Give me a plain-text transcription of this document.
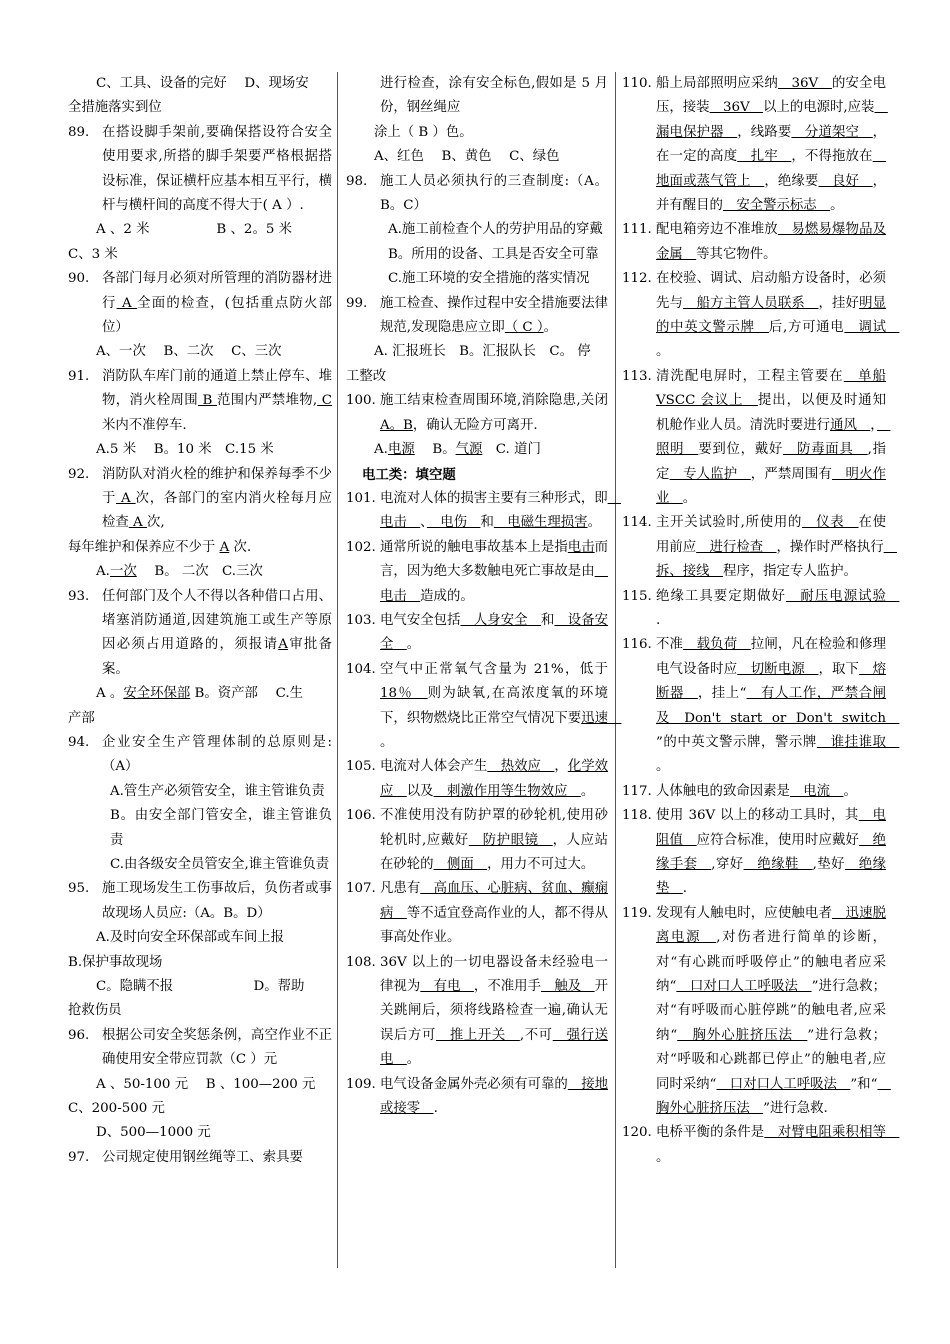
C、工具、设备的完好　 D、现场安
全措施落实到位
89. 在搭设脚手架前,要确保搭设符合安全使用要求,所搭的脚手架要严格根据搭设标准，保证横杆应基本相互平行，横杆与横杆间的高度不得大于( A ）.
A 、2 米　　　　　B 、2。5 米
C、3 米
90. 各部门每月必须对所管理的消防器材进行 A 全面的检查，(包括重点防火部位）
A、一次　 B、二次　 C、三次
91. 消防队车库门前的通道上禁止停车、堆物，消火栓周围 B 范围内严禁堆物, C 米内不准停车.
A.5 米　 B。10 米　C.15 米
92. 消防队对消火栓的维护和保养每季不少于 A 次，各部门的室内消火栓每月应检查 A 次,
每年维护和保养应不少于 A 次.
A.一次　 B。 二次　C.三次
93. 任何部门及个人不得以各种借口占用、堵塞消防通道,因建筑施工或生产等原因必须占用道路的，须报请A审批备案。
A 。安全环保部 B。资产部　 C.生
产部
94. 企业安全生产管理体制的总原则是:（A）
A.管生产必须管安全，谁主管谁负责
B。由安全部门管安全，谁主管谁负责
C.由各级安全员管安全,谁主管谁负责
95. 施工现场发生工伤事故后，负伤者或事故现场人员应:（A。B。D）
A.及时向安全环保部或车间上报
B.保护事故现场
C。隐瞒不报　　　　　　D。帮助
抢救伤员
96. 根据公司安全奖惩条例，高空作业不正确使用安全带应罚款（C ）元
A 、50-100 元　 B 、100—200 元
C、200-500 元
D、500—1000 元
97. 公司规定使用钢丝绳等工、索具要
进行检查，涂有安全标色,假如是 5 月份，钢丝绳应
涂上（ B ）色。
A、红色　 B、黄色　 C、绿色
98. 施工人员必须执行的三查制度:（A。B。C）
A.施工前检查个人的劳护用品的穿戴
B。所用的设备、工具是否安全可靠
C.施工环境的安全措施的落实情况
99. 施工检查、操作过程中安全措施要法律规范,发现隐患应立即（ C ）。
A. 汇报班长　B。汇报队长　C。 停
工整改
100. 施工结束检查周围环境,消除隐患,关闭 A。B，确认无险方可离开.
A.电源　 B。气源　C. 道门
电工类：填空题
101. 电流对人体的损害主要有三种形式，即　电击　、　电伤　和　电磁生理损害。
102. 通常所说的触电事故基本上是指电击而言，因为绝大多数触电死亡事故是由　电击　造成的。
103. 电气安全包括　人身安全　和　设备安全　。
104. 空气中正常氧气含量为 21%，低于18％　则为缺氧,在高浓度氧的环境下，织物燃烧比正常空气情况下要迅速　。
105. 电流对人体会产生　热效应　，化学效应　以及　刺激作用等生物效应　。
106. 不准使用没有防护罩的砂轮机,使用砂轮机时,应戴好　防护眼镜　，人应站在砂轮的　侧面　，用力不可过大。
107. 凡患有　高血压、心脏病、贫血、癫痫病　等不适宜登高作业的人，都不得从事高处作业。
108. 36V 以上的一切电器设备未经验电一律视为　有电　，不准用手　触及　开关跳闸后，须将线路检查一遍,确认无误后方可　推上开关　,不可　强行送电　。
109. 电气设备金属外壳必须有可靠的　接地或接零　.
110. 船上局部照明应采纳　36V　的安全电压，接装　36V　以上的电源时,应装　漏电保护器　，线路要　分道架空　，在一定的高度　扎牢　，不得拖放在　地面或蒸气管上　，绝缘要　良好　，并有醒目的　安全警示标志　。
111. 配电箱旁边不准堆放　易燃易爆物品及金属　等其它物件。
112. 在校验、调试、启动船方设备时，必须先与　船方主管人员联系　，挂好明显的中英文警示牌　后,方可通电　调试　。
113. 清洗配电屏时，工程主管要在　单船 VSCC 会议上　提出，以便及时通知机舱作业人员。清洗时要进行通风　，　照明　要到位，戴好　防毒面具　,指定　专人监护　，严禁周围有　明火作业　。
114. 主开关试验时,所使用的　仪表　在使用前应　进行检查　，操作时严格执行　拆、接线　程序，指定专人监护。
115. 绝缘工具要定期做好　耐压电源试验　.
116. 不准　载负荷　拉闸，凡在检验和修理电气设备时应　切断电源　，取下　熔断器　，挂上“　有人工作，严禁合闸及 Don't start or Don't switch　”的中英文警示牌，警示牌　谁挂谁取　。
117. 人体触电的致命因素是　电流　。
118. 使用 36V 以上的移动工具时，其　电阻值　应符合标准，使用时应戴好　绝缘手套　,穿好　绝缘鞋　,垫好　绝缘垫　.
119. 发现有人触电时，应使触电者　迅速脱离电源　,对伤者进行简单的诊断，对“有心跳而呼吸停止”的触电者应采纳“　口对口人工呼吸法　”进行急救；对“有呼吸而心脏停跳”的触电者,应采纳“　胸外心脏挤压法　”进行急救；对“呼吸和心跳都已停止”的触电者,应同时采纳“　口对口人工呼吸法　”和“　胸外心脏挤压法　”进行急救.
120. 电桥平衡的条件是　对臂电阻乘积相等　。
